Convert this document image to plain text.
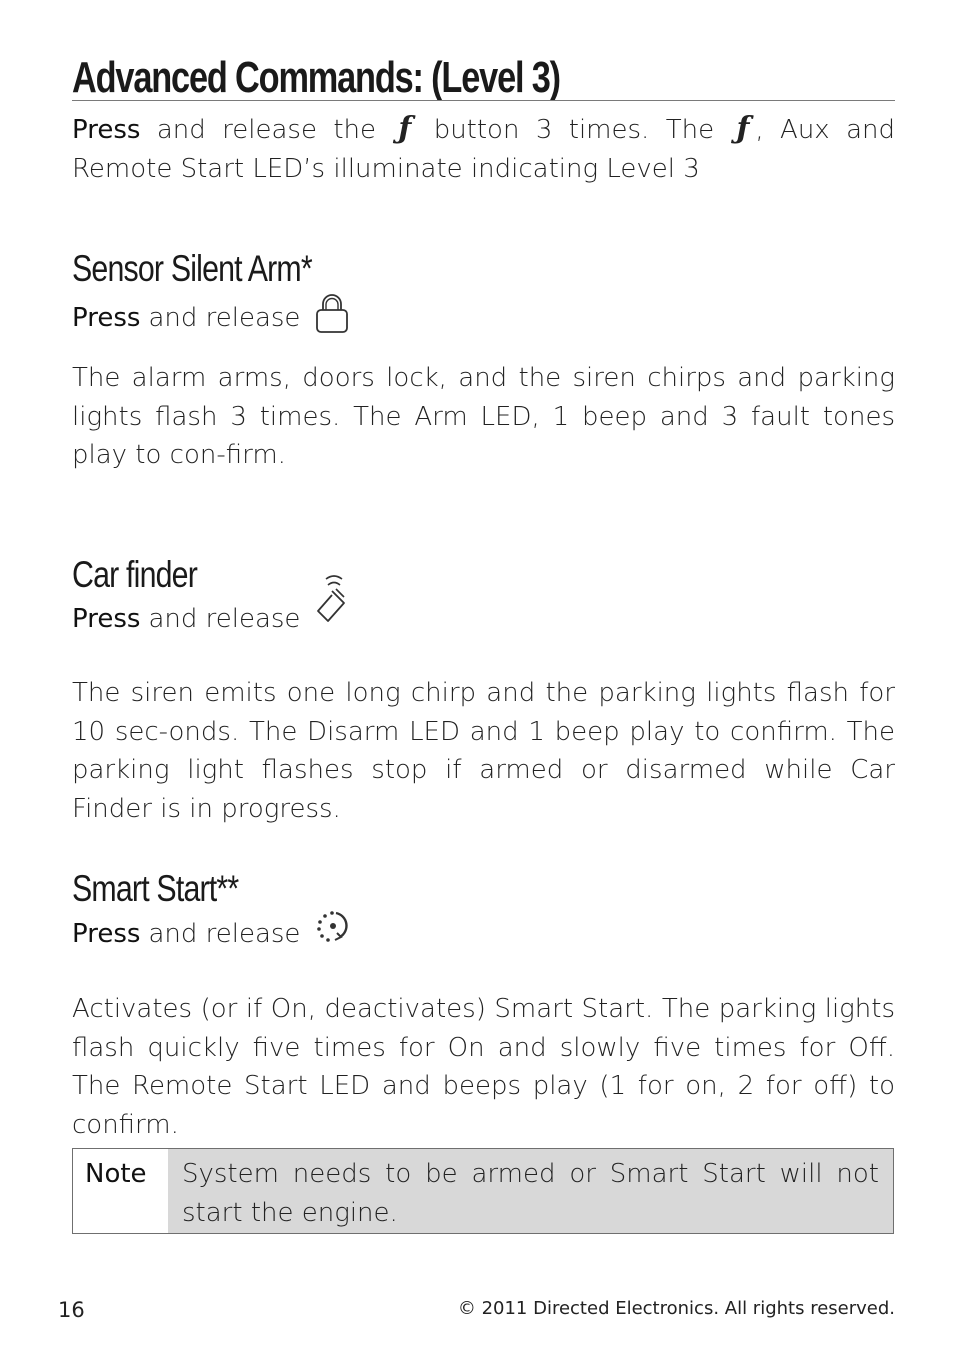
Advanced Commands: (Level 3)
Press and release the ƒ button 3 times. The ƒ , Aux and Remote Start LED’s illuminate indicating Level 3
Sensor Silent Arm*
Press and release
The alarm arms, doors lock, and the siren chirps and parking lights flash 3 times. The Arm LED, 1 beep and 3 fault tones play to con-firm.
Car finder
Press and release
The siren emits one long chirp and the parking lights flash for 10 sec-onds. The Disarm LED and 1 beep play to confirm. The parking light flashes stop if armed or disarmed while Car Finder is in progress.
Smart Start**
Press and release
Activates (or if On, deactivates) Smart Start. The parking lights flash quickly five times for On and slowly five times for Off. The Remote Start LED and beeps play (1 for on, 2 for off) to confirm.
Note	System needs to be armed or Smart Start will not start the engine.
16	© 2011 Directed Electronics. All rights reserved.
